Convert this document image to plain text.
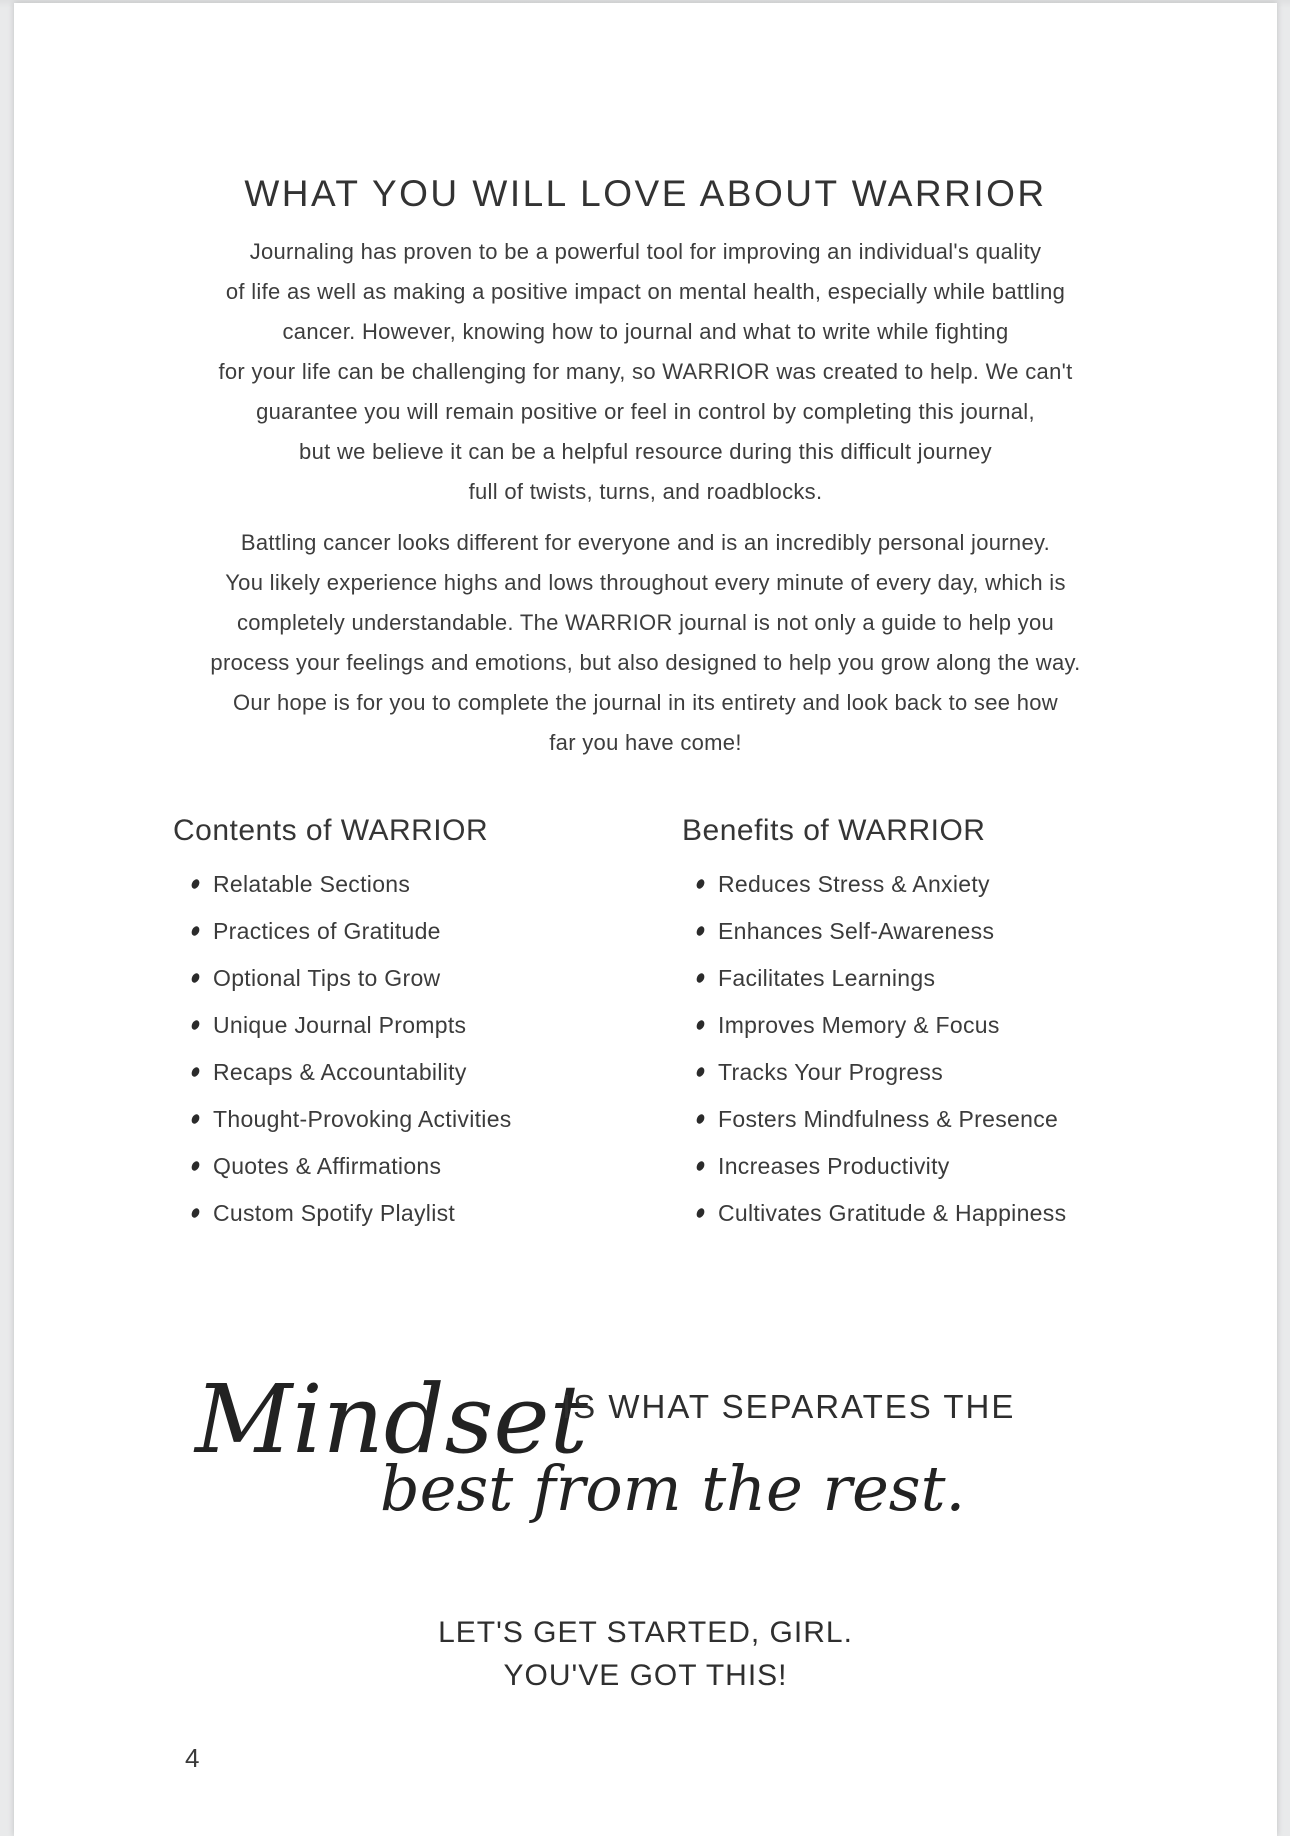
WHAT YOU WILL LOVE ABOUT WARRIOR
Journaling has proven to be a powerful tool for improving an individual's quality
of life as well as making a positive impact on mental health, especially while battling
cancer. However, knowing how to journal and what to write while fighting
for your life can be challenging for many, so WARRIOR was created to help. We can't
guarantee you will remain positive or feel in control by completing this journal,
but we believe it can be a helpful resource during this difficult journey
full of twists, turns, and roadblocks.
Battling cancer looks different for everyone and is an incredibly personal journey.
You likely experience highs and lows throughout every minute of every day, which is
completely understandable. The WARRIOR journal is not only a guide to help you
process your feelings and emotions, but also designed to help you grow along the way.
Our hope is for you to complete the journal in its entirety and look back to see how
far you have come!
Contents of WARRIOR
Relatable Sections
Practices of Gratitude
Optional Tips to Grow
Unique Journal Prompts
Recaps & Accountability
Thought-Provoking Activities
Quotes & Affirmations
Custom Spotify Playlist
Benefits of WARRIOR
Reduces Stress & Anxiety
Enhances Self-Awareness
Facilitates Learnings
Improves Memory & Focus
Tracks Your Progress
Fosters Mindfulness & Presence
Increases Productivity
Cultivates Gratitude & Happiness
Mindset
IS WHAT SEPARATES THE
best from the rest.
LET'S GET STARTED, GIRL.
YOU'VE GOT THIS!
4
